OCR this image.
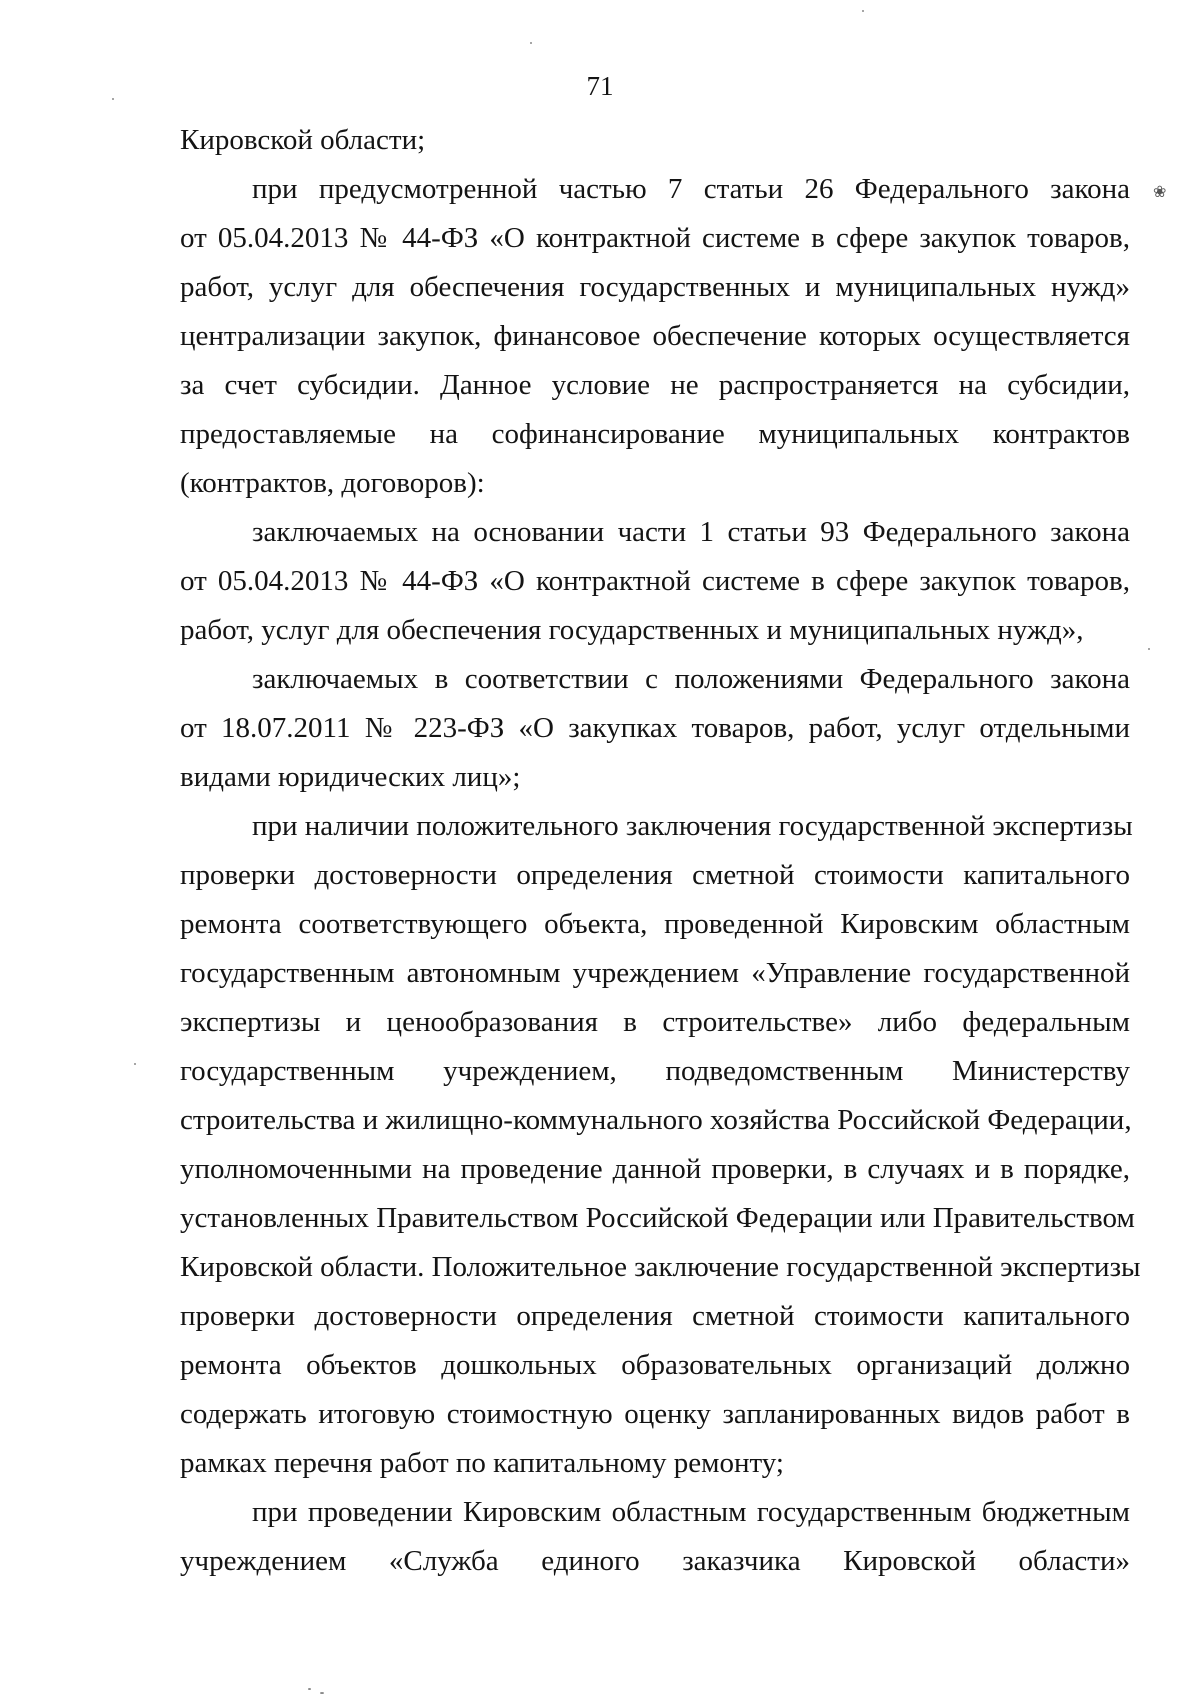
71

Кировской области;

при предусмотренной частью 7 статьи 26 Федерального закона
от 05.04.2013 № 44-ФЗ «О контрактной системе в сфере закупок товаров,
работ, услуг для обеспечения государственных и муниципальных нужд»
централизации закупок, финансовое обеспечение которых осуществляется
за счет субсидии. Данное условие не распространяется на субсидии,
предоставляемые на софинансирование муниципальных контрактов
(контрактов, договоров):

заключаемых на основании части 1 статьи 93 Федерального закона
от 05.04.2013 № 44-ФЗ «О контрактной системе в сфере закупок товаров,
работ, услуг для обеспечения государственных и муниципальных нужд»,

заключаемых в соответствии с положениями Федерального закона
от 18.07.2011 № 223-ФЗ «О закупках товаров, работ, услуг отдельными
видами юридических лиц»;

при наличии положительного заключения государственной экспертизы
проверки достоверности определения сметной стоимости капитального
ремонта соответствующего объекта, проведенной Кировским областным
государственным автономным учреждением «Управление государственной
экспертизы и ценообразования в строительстве» либо федеральным
государственным учреждением, подведомственным Министерству
строительства и жилищно-коммунального хозяйства Российской Федерации,
уполномоченными на проведение данной проверки, в случаях и в порядке,
установленных Правительством Российской Федерации или Правительством
Кировской области. Положительное заключение государственной экспертизы
проверки достоверности определения сметной стоимости капитального
ремонта объектов дошкольных образовательных организаций должно
содержать итоговую стоимостную оценку запланированных видов работ в
рамках перечня работ по капитальному ремонту;

при проведении Кировским областным государственным бюджетным
учреждением «Служба единого заказчика Кировской области»

❀
